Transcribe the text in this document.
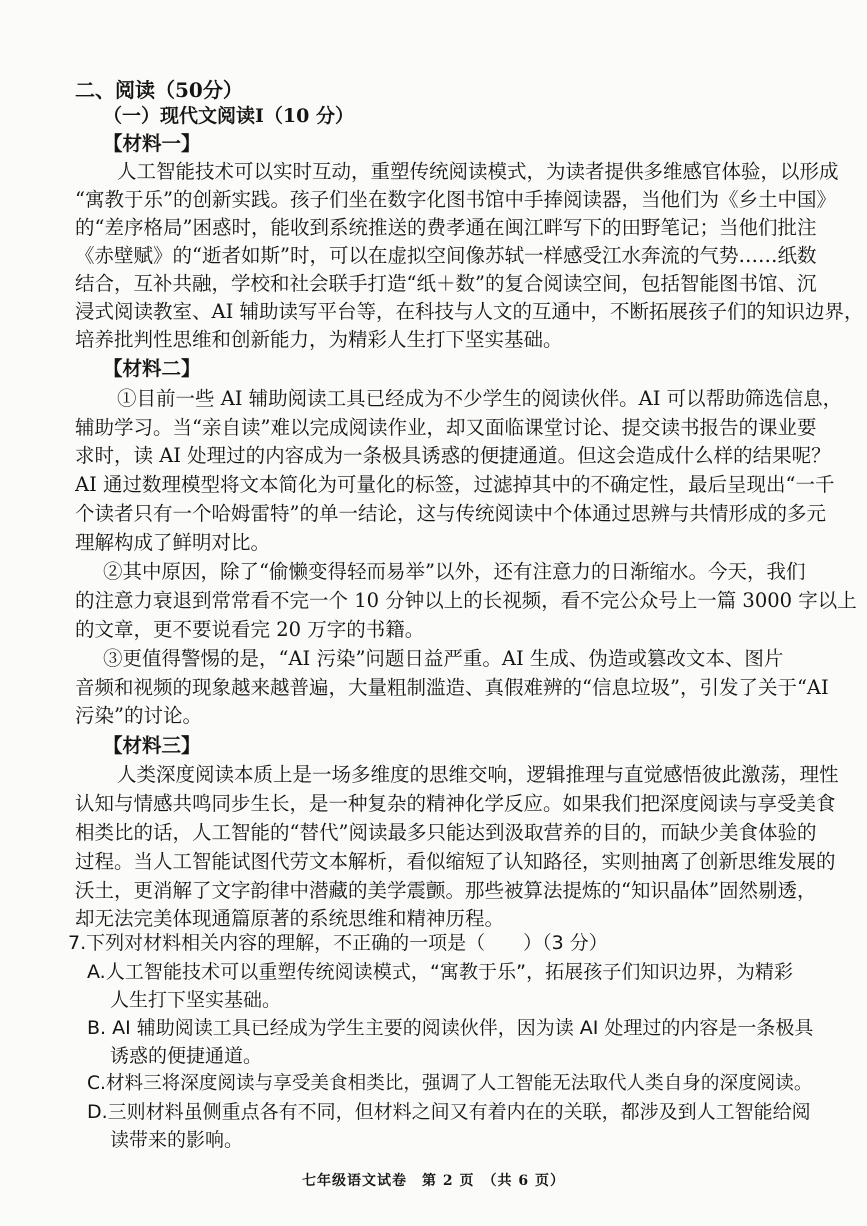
二、阅读（50分）
（一）现代文阅读I（10 分）
【材料一】
人工智能技术可以实时互动，重塑传统阅读模式，为读者提供多维感官体验，以形成
“寓教于乐”的创新实践。孩子们坐在数字化图书馆中手捧阅读器，当他们为《乡土中国》
的“差序格局”困惑时，能收到系统推送的费孝通在闽江畔写下的田野笔记；当他们批注
《赤壁赋》的“逝者如斯”时，可以在虚拟空间像苏轼一样感受江水奔流的气势……纸数
结合，互补共融，学校和社会联手打造“纸＋数”的复合阅读空间，包括智能图书馆、沉
浸式阅读教室、AI 辅助读写平台等，在科技与人文的互通中，不断拓展孩子们的知识边界，
培养批判性思维和创新能力，为精彩人生打下坚实基础。
【材料二】
①目前一些 AI 辅助阅读工具已经成为不少学生的阅读伙伴。AI 可以帮助筛选信息，
辅助学习。当“亲自读”难以完成阅读作业，却又面临课堂讨论、提交读书报告的课业要
求时，读 AI 处理过的内容成为一条极具诱惑的便捷通道。但这会造成什么样的结果呢？
AI 通过数理模型将文本简化为可量化的标签，过滤掉其中的不确定性，最后呈现出“一千
个读者只有一个哈姆雷特”的单一结论，这与传统阅读中个体通过思辨与共情形成的多元
理解构成了鲜明对比。
②其中原因，除了“偷懒变得轻而易举”以外，还有注意力的日渐缩水。今天，我们
的注意力衰退到常常看不完一个 10 分钟以上的长视频，看不完公众号上一篇 3000 字以上
的文章，更不要说看完 20 万字的书籍。
③更值得警惕的是，“AI 污染”问题日益严重。AI 生成、伪造或篡改文本、图片
音频和视频的现象越来越普遍，大量粗制滥造、真假难辨的“信息垃圾”，引发了关于“AI
污染”的讨论。
【材料三】
人类深度阅读本质上是一场多维度的思维交响，逻辑推理与直觉感悟彼此激荡，理性
认知与情感共鸣同步生长，是一种复杂的精神化学反应。如果我们把深度阅读与享受美食
相类比的话，人工智能的“替代”阅读最多只能达到汲取营养的目的，而缺少美食体验的
过程。当人工智能试图代劳文本解析，看似缩短了认知路径，实则抽离了创新思维发展的
沃土，更消解了文字韵律中潜藏的美学震颤。那些被算法提炼的“知识晶体”固然剔透，
却无法完美体现通篇原著的系统思维和精神历程。
7.下列对材料相关内容的理解，不正确的一项是（　　）（3 分）
A.人工智能技术可以重塑传统阅读模式，“寓教于乐”，拓展孩子们知识边界，为精彩
人生打下坚实基础。
B. AI 辅助阅读工具已经成为学生主要的阅读伙伴，因为读 AI 处理过的内容是一条极具
诱惑的便捷通道。
C.材料三将深度阅读与享受美食相类比，强调了人工智能无法取代人类自身的深度阅读。
D.三则材料虽侧重点各有不同，但材料之间又有着内在的关联，都涉及到人工智能给阅
读带来的影响。
七年级语文试卷　第 2 页　（共 6 页）
